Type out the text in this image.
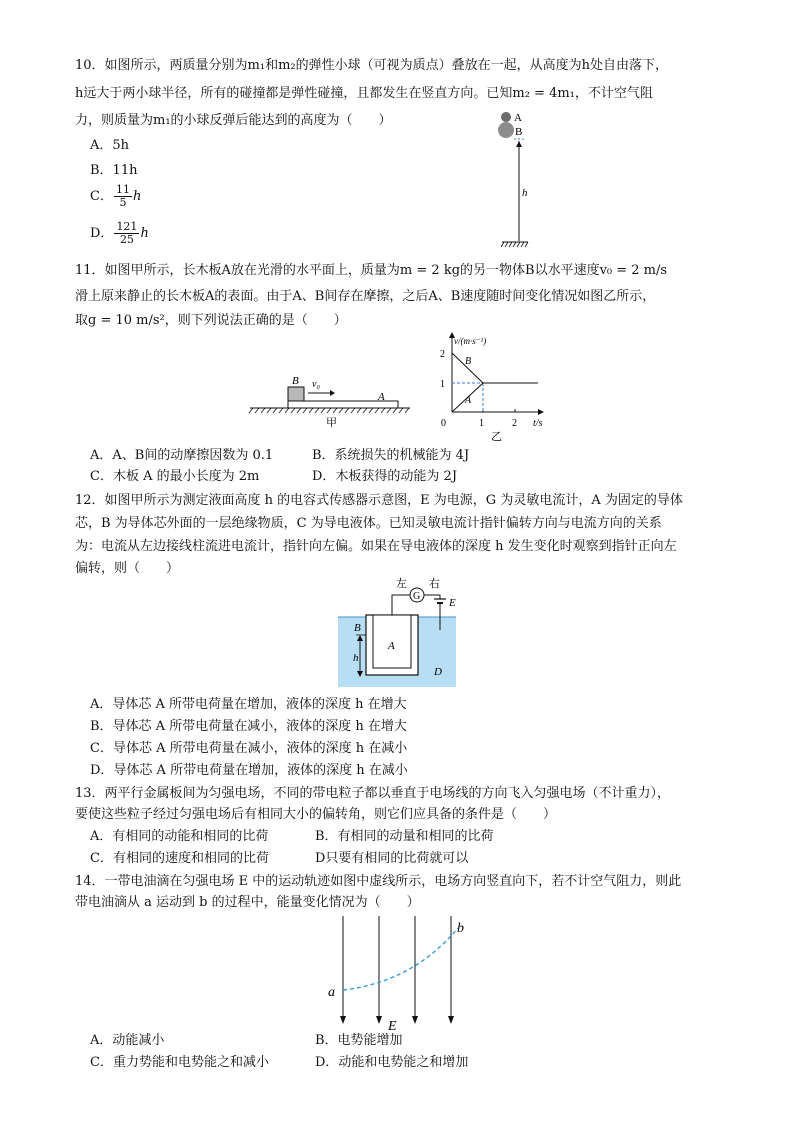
10．如图所示，两质量分别为m₁和m₂的弹性小球（可视为质点）叠放在一起，从高度为h处自由落下，
h远大于两小球半径，所有的碰撞都是弹性碰撞，且都发生在竖直方向。已知m₂ = 4m₁，不计空气阻
力，则质量为m₁的小球反弹后能达到的高度为（　　）
A．5h
B．11h
C． $\frac{11}{5}$ h
D． $\frac{121}{25}$ h
A
B
h
11．如图甲所示，长木板A放在光滑的水平面上，质量为m = 2 kg的另一物体B以水平速度v₀ = 2 m/s
滑上原来静止的长木板A的表面。由于A、B间存在摩擦，之后A、B速度随时间变化情况如图乙所示，
取g = 10 m/s²，则下列说法正确的是（　　）
B v₀
A
甲
v/(m·s⁻¹)
t/s
2
1
0	1	2
B
A
乙
A．A、B间的动摩擦因数为 0.1	B．系统损失的机械能为 4J
C．木板 A 的最小长度为 2m	D．木板获得的动能为 2J
12．如图甲所示为测定液面高度 h 的电容式传感器示意图，E 为电源，G 为灵敏电流计，A 为固定的导体
芯，B 为导体芯外面的一层绝缘物质，C 为导电液体。已知灵敏电流计指针偏转方向与电流方向的关系
为：电流从左边接线柱流进电流计，指针向左偏。如果在导电液体的深度 h 发生变化时观察到指针正向左
偏转，则（　　）
A
D
B
h
G
E
左 右
A．导体芯 A 所带电荷量在增加，液体的深度 h 在增大
B．导体芯 A 所带电荷量在减小，液体的深度 h 在增大
C．导体芯 A 所带电荷量在减小，液体的深度 h 在减小
D．导体芯 A 所带电荷量在增加，液体的深度 h 在减小
13．两平行金属板间为匀强电场，不同的带电粒子都以垂直于电场线的方向飞入匀强电场（不计重力），
要使这些粒子经过匀强电场后有相同大小的偏转角，则它们应具备的条件是（　　）
A．有相同的动能和相同的比荷	B．有相同的动量和相同的比荷
C．有相同的速度和相同的比荷	D只要有相同的比荷就可以
14．一带电油滴在匀强电场 E 中的运动轨迹如图中虚线所示，电场方向竖直向下，若不计空气阻力，则此
带电油滴从 a 运动到 b 的过程中，能量变化情况为（　　）
a
b
E
A．动能减小	B．电势能增加
C．重力势能和电势能之和减小	D．动能和电势能之和增加
